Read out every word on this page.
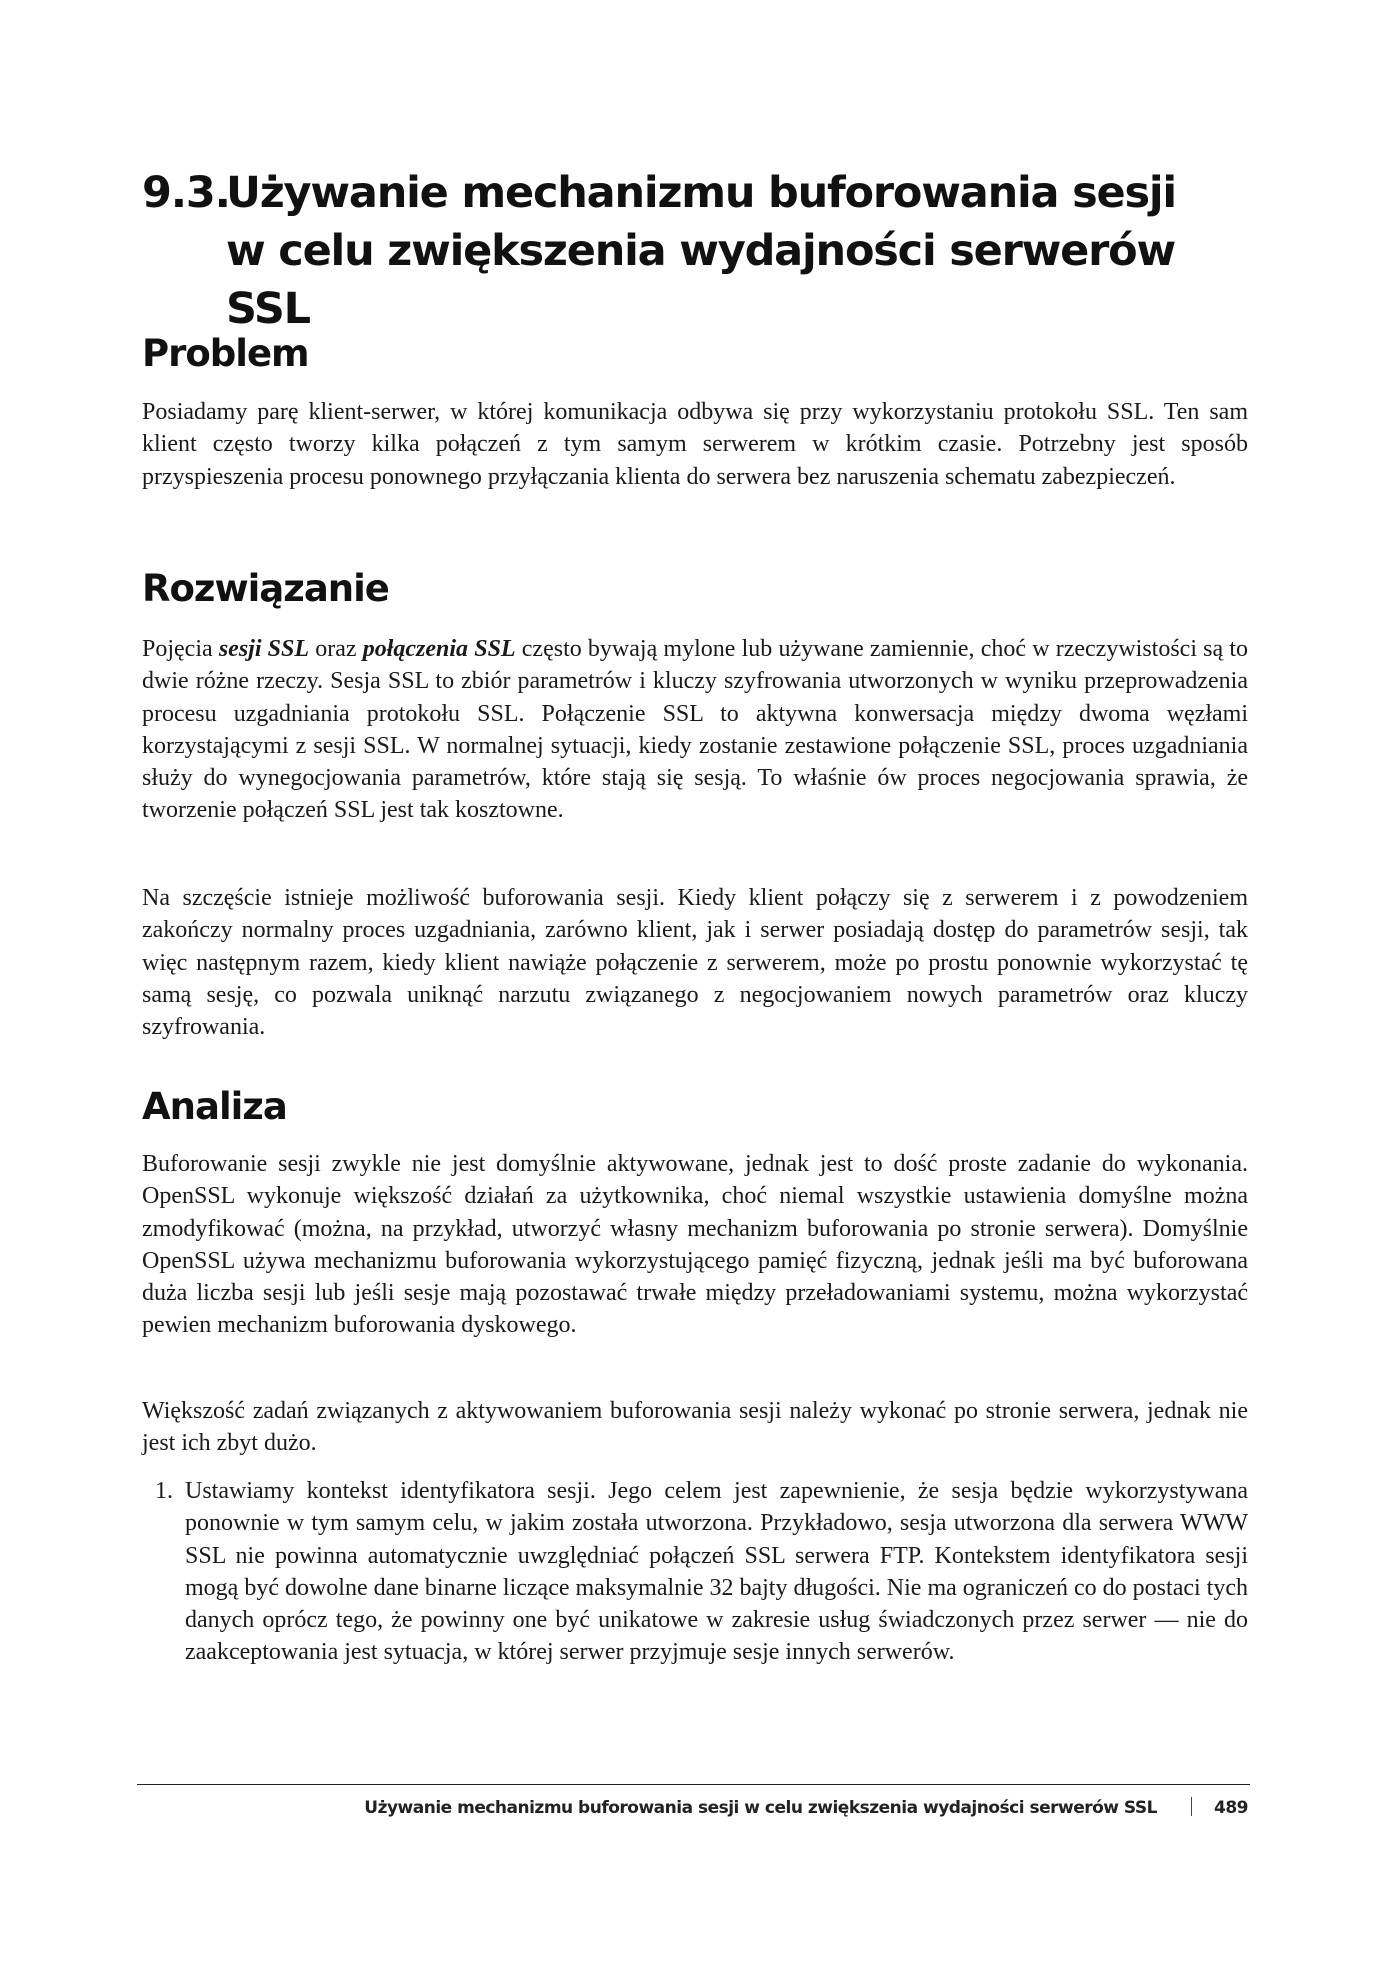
9.3.Używanie mechanizmu buforowania sesji
w celu zwiększenia wydajności serwerów SSL
Problem

Posiadamy parę klient-serwer, w której komunikacja odbywa się przy wykorzystaniu protokołu SSL. Ten sam klient często tworzy kilka połączeń z tym samym serwerem w krótkim czasie. Potrzebny jest sposób przyspieszenia procesu ponownego przyłączania klienta do serwera bez naruszenia schematu zabezpieczeń.

Rozwiązanie

Pojęcia sesji SSL oraz połączenia SSL często bywają mylone lub używane zamiennie, choć w rzeczywistości są to dwie różne rzeczy. Sesja SSL to zbiór parametrów i kluczy szyfrowania utworzonych w wyniku przeprowadzenia procesu uzgadniania protokołu SSL. Połączenie SSL to aktywna konwersacja między dwoma węzłami korzystającymi z sesji SSL. W normalnej sytuacji, kiedy zostanie zestawione połączenie SSL, proces uzgadniania służy do wynegocjowania parametrów, które stają się sesją. To właśnie ów proces negocjowania sprawia, że tworzenie połączeń SSL jest tak kosztowne.

Na szczęście istnieje możliwość buforowania sesji. Kiedy klient połączy się z serwerem i z powodzeniem zakończy normalny proces uzgadniania, zarówno klient, jak i serwer posiadają dostęp do parametrów sesji, tak więc następnym razem, kiedy klient nawiąże połączenie z serwerem, może po prostu ponownie wykorzystać tę samą sesję, co pozwala uniknąć narzutu związanego z negocjowaniem nowych parametrów oraz kluczy szyfrowania.

Analiza

Buforowanie sesji zwykle nie jest domyślnie aktywowane, jednak jest to dość proste zadanie do wykonania. OpenSSL wykonuje większość działań za użytkownika, choć niemal wszystkie ustawienia domyślne można zmodyfikować (można, na przykład, utworzyć własny mechanizm buforowania po stronie serwera). Domyślnie OpenSSL używa mechanizmu buforowania wykorzystującego pamięć fizyczną, jednak jeśli ma być buforowana duża liczba sesji lub jeśli sesje mają pozostawać trwałe między przeładowaniami systemu, można wykorzystać pewien mechanizm buforowania dyskowego.

Większość zadań związanych z aktywowaniem buforowania sesji należy wykonać po stronie serwera, jednak nie jest ich zbyt dużo.

1. Ustawiamy kontekst identyfikatora sesji. Jego celem jest zapewnienie, że sesja będzie wykorzystywana ponownie w tym samym celu, w jakim została utworzona. Przykładowo, sesja utworzona dla serwera WWW SSL nie powinna automatycznie uwzględniać połączeń SSL serwera FTP. Kontekstem identyfikatora sesji mogą być dowolne dane binarne liczące maksymalnie 32 bajty długości. Nie ma ograniczeń co do postaci tych danych oprócz tego, że powinny one być unikatowe w zakresie usług świadczonych przez serwer — nie do zaakceptowania jest sytuacja, w której serwer przyjmuje sesje innych serwerów.

Używanie mechanizmu buforowania sesji w celu zwiększenia wydajności serwerów SSL	489
